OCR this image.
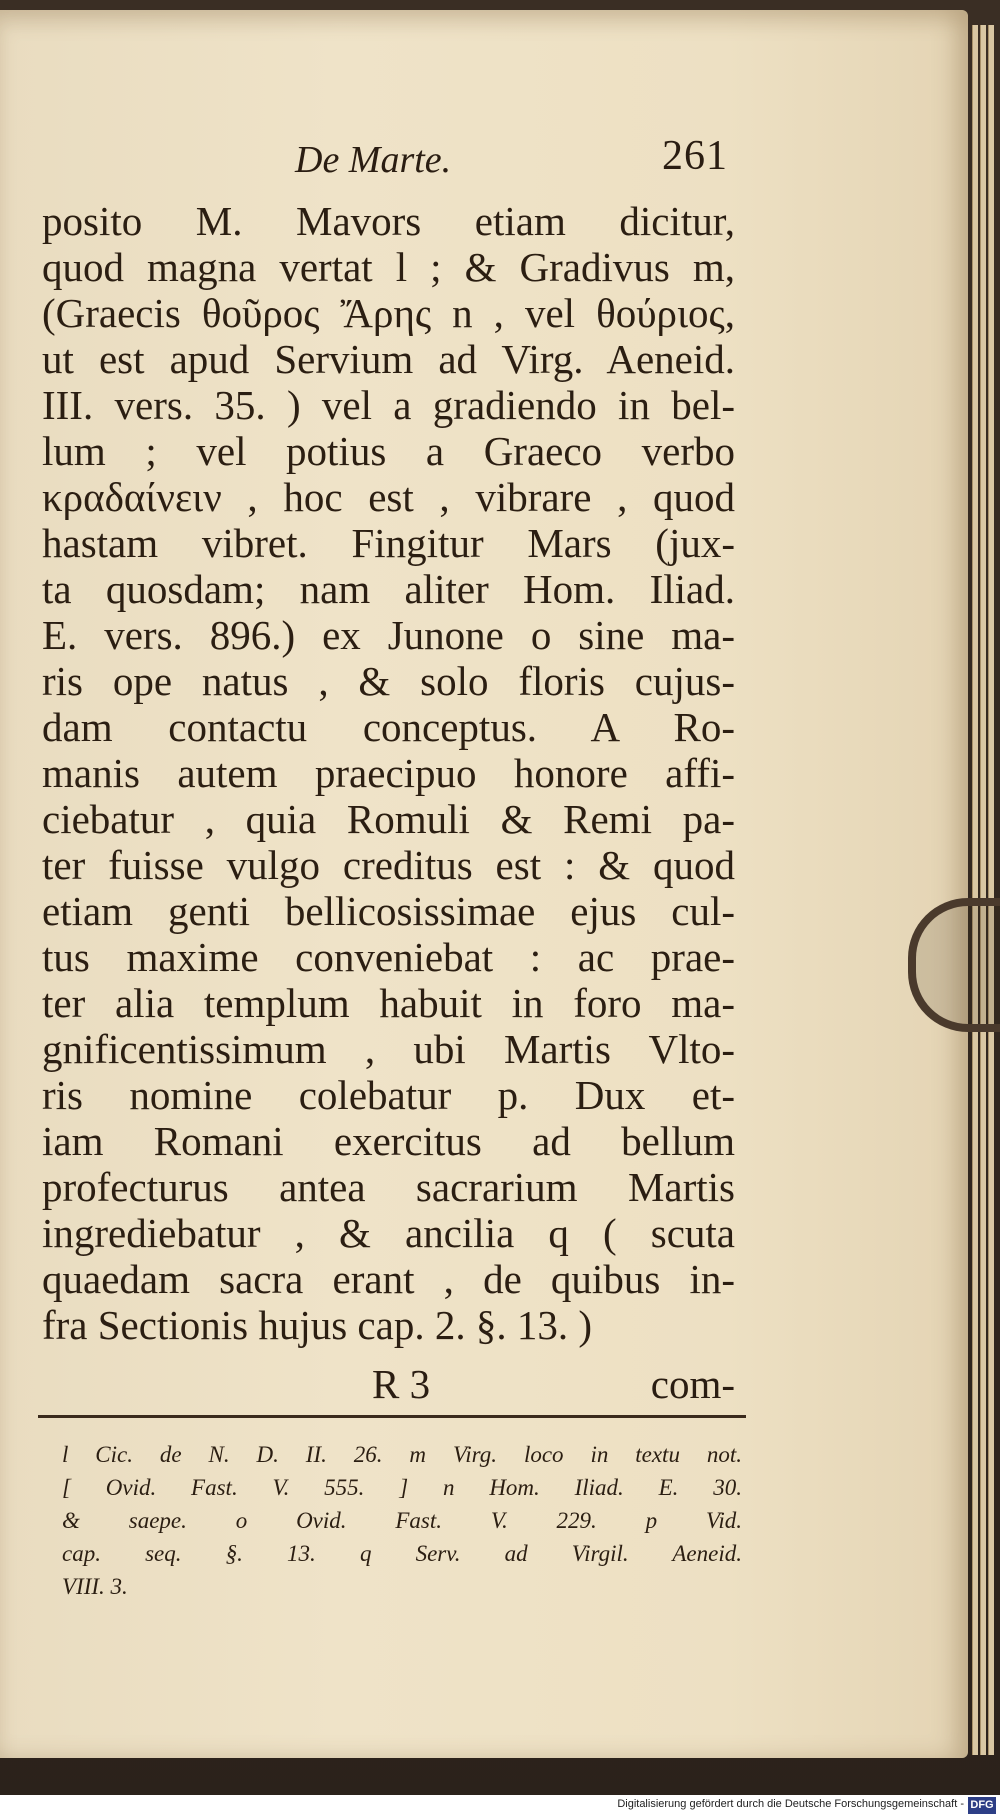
De Marte.	261
posito M. Mavors etiam dicitur,
quod magna vertat l ; & Gradivus m,
(Graecis θοῦρος Ἄρης n , vel θούριος,
ut est apud Servium ad Virg. Aeneid.
III. vers. 35. ) vel a gradiendo in bel-
lum ; vel potius a Graeco verbo
κραδαίνειν , hoc est , vibrare , quod
hastam vibret. Fingitur Mars (jux-
ta quosdam; nam aliter Hom. Iliad.
E. vers. 896.) ex Junone o sine ma-
ris ope natus , & solo floris cujus-
dam contactu conceptus. A Ro-
manis autem praecipuo honore affi-
ciebatur , quia Romuli & Remi pa-
ter fuisse vulgo creditus est : & quod
etiam genti bellicosissimae ejus cul-
tus maxime conveniebat : ac prae-
ter alia templum habuit in foro ma-
gnificentissimum , ubi Martis Vlto-
ris nomine colebatur p. Dux et-
iam Romani exercitus ad bellum
profecturus antea sacrarium Martis
ingrediebatur , & ancilia q ( scuta
quaedam sacra erant , de quibus in-
fra Sectionis hujus cap. 2. §. 13. )
R 3	com-
l Cic. de N. D. II. 26. m Virg. loco in textu not.
[ Ovid. Fast. V. 555. ] n Hom. Iliad. E. 30.
& saepe. o Ovid. Fast. V. 229. p Vid.
cap. seq. §. 13. q Serv. ad Virgil. Aeneid.
VIII. 3.
Digitalisierung gefördert durch die Deutsche Forschungsgemeinschaft - DFG
